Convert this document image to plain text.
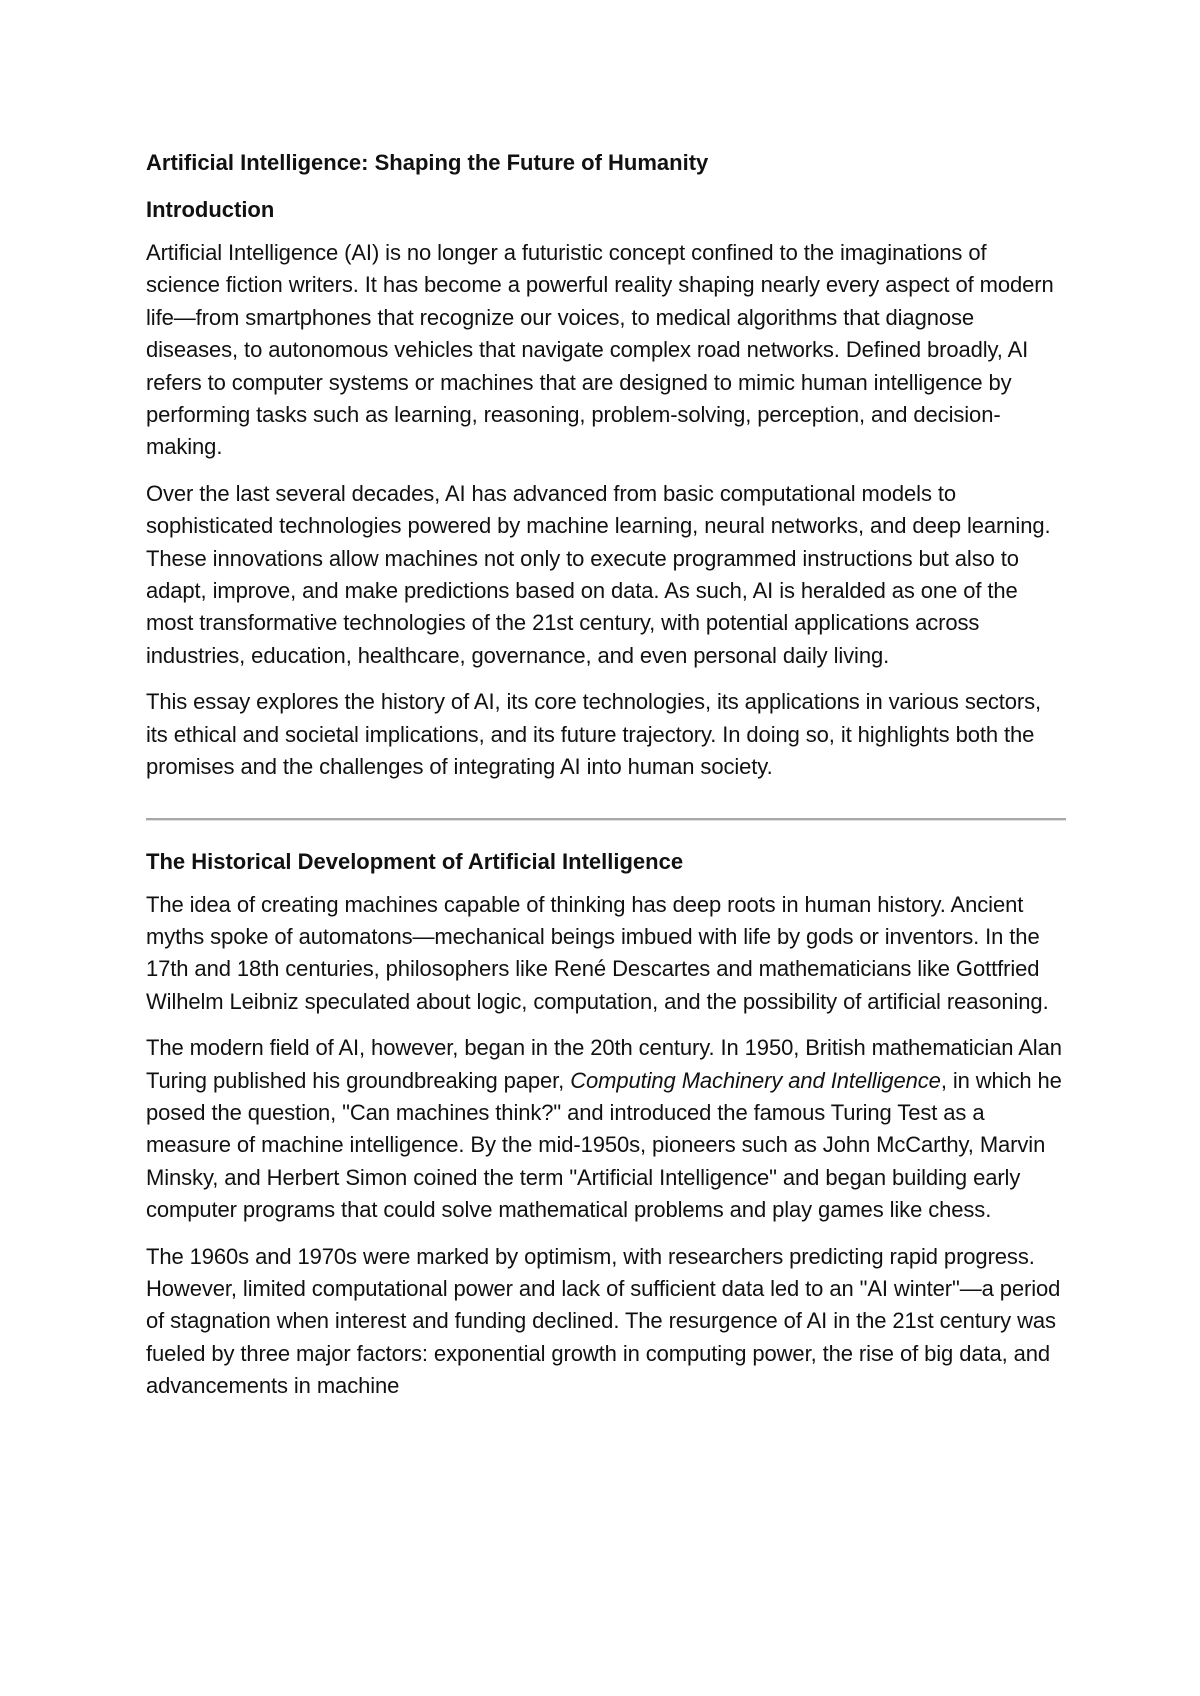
Artificial Intelligence: Shaping the Future of Humanity
Introduction

Artificial Intelligence (AI) is no longer a futuristic concept confined to the imaginations of science fiction writers. It has become a powerful reality shaping nearly every aspect of modern life—from smartphones that recognize our voices, to medical algorithms that diagnose diseases, to autonomous vehicles that navigate complex road networks. Defined broadly, AI refers to computer systems or machines that are designed to mimic human intelligence by performing tasks such as learning, reasoning, problem-solving, perception, and decision-making.

Over the last several decades, AI has advanced from basic computational models to sophisticated technologies powered by machine learning, neural networks, and deep learning. These innovations allow machines not only to execute programmed instructions but also to adapt, improve, and make predictions based on data. As such, AI is heralded as one of the most transformative technologies of the 21st century, with potential applications across industries, education, healthcare, governance, and even personal daily living.

This essay explores the history of AI, its core technologies, its applications in various sectors, its ethical and societal implications, and its future trajectory. In doing so, it highlights both the promises and the challenges of integrating AI into human society.

The Historical Development of Artificial Intelligence

The idea of creating machines capable of thinking has deep roots in human history. Ancient myths spoke of automatons—mechanical beings imbued with life by gods or inventors. In the 17th and 18th centuries, philosophers like René Descartes and mathematicians like Gottfried Wilhelm Leibniz speculated about logic, computation, and the possibility of artificial reasoning.

The modern field of AI, however, began in the 20th century. In 1950, British mathematician Alan Turing published his groundbreaking paper, Computing Machinery and Intelligence, in which he posed the question, "Can machines think?" and introduced the famous Turing Test as a measure of machine intelligence. By the mid-1950s, pioneers such as John McCarthy, Marvin Minsky, and Herbert Simon coined the term "Artificial Intelligence" and began building early computer programs that could solve mathematical problems and play games like chess.

The 1960s and 1970s were marked by optimism, with researchers predicting rapid progress. However, limited computational power and lack of sufficient data led to an "AI winter"—a period of stagnation when interest and funding declined. The resurgence of AI in the 21st century was fueled by three major factors: exponential growth in computing power, the rise of big data, and advancements in machine
